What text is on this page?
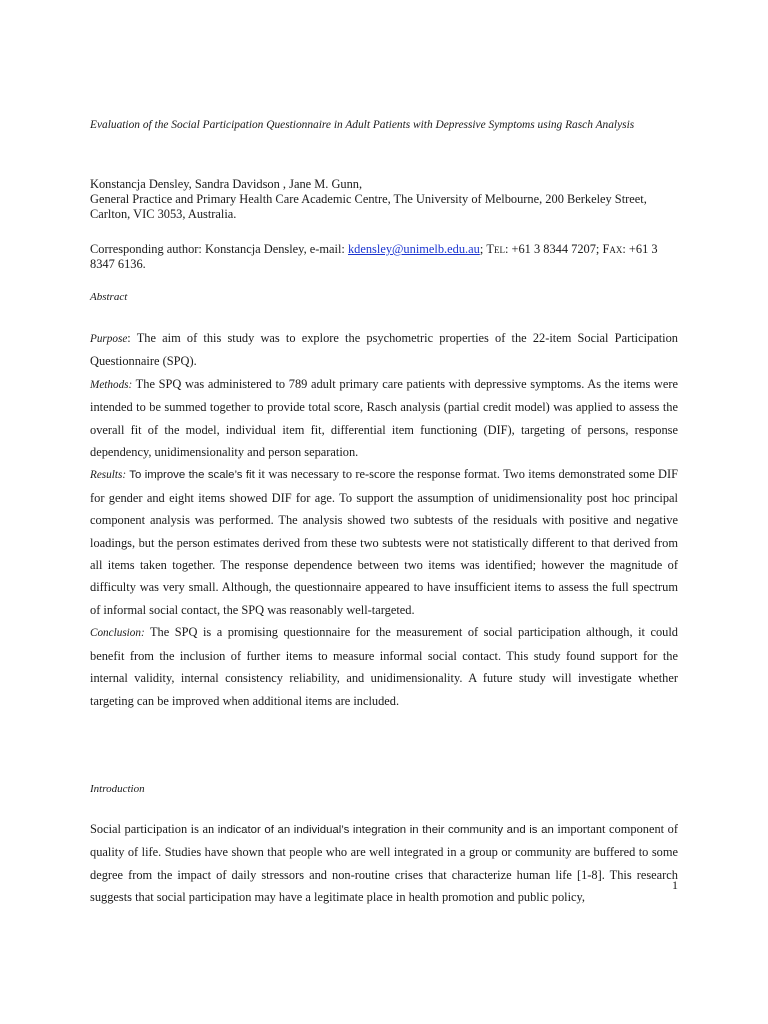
Evaluation of the Social Participation Questionnaire in Adult Patients with Depressive Symptoms using Rasch Analysis
Konstancja Densley, Sandra Davidson , Jane M. Gunn,
General Practice and Primary Health Care Academic Centre, The University of Melbourne, 200 Berkeley Street, Carlton, VIC 3053, Australia.
Corresponding author: Konstancja Densley, e-mail: kdensley@unimelb.edu.au; Tel: +61 3 8344 7207; Fax: +61 3 8347 6136.
Abstract

Purpose: The aim of this study was to explore the psychometric properties of the 22-item Social Participation Questionnaire (SPQ).

Methods: The SPQ was administered to 789 adult primary care patients with depressive symptoms. As the items were intended to be summed together to provide total score, Rasch analysis (partial credit model) was applied to assess the overall fit of the model, individual item fit, differential item functioning (DIF), targeting of persons, response dependency, unidimensionality and person separation.

Results: To improve the scale’s fit it was necessary to re-score the response format. Two items demonstrated some DIF for gender and eight items showed DIF for age. To support the assumption of unidimensionality post hoc principal component analysis was performed. The analysis showed two subtests of the residuals with positive and negative loadings, but the person estimates derived from these two subtests were not statistically different to that derived from all items taken together. The response dependence between two items was identified; however the magnitude of difficulty was very small. Although, the questionnaire appeared to have insufficient items to assess the full spectrum of informal social contact, the SPQ was reasonably well-targeted.

Conclusion: The SPQ is a promising questionnaire for the measurement of social participation although, it could benefit from the inclusion of further items to measure informal social contact. This study found support for the internal validity, internal consistency reliability, and unidimensionality. A future study will investigate whether targeting can be improved when additional items are included.

Introduction

Social participation is an indicator of an individual’s integration in their community and is an important component of quality of life. Studies have shown that people who are well integrated in a group or community are buffered to some degree from the impact of daily stressors and non-routine crises that characterize human life [1-8]. This research suggests that social participation may have a legitimate place in health promotion and public policy,

1
